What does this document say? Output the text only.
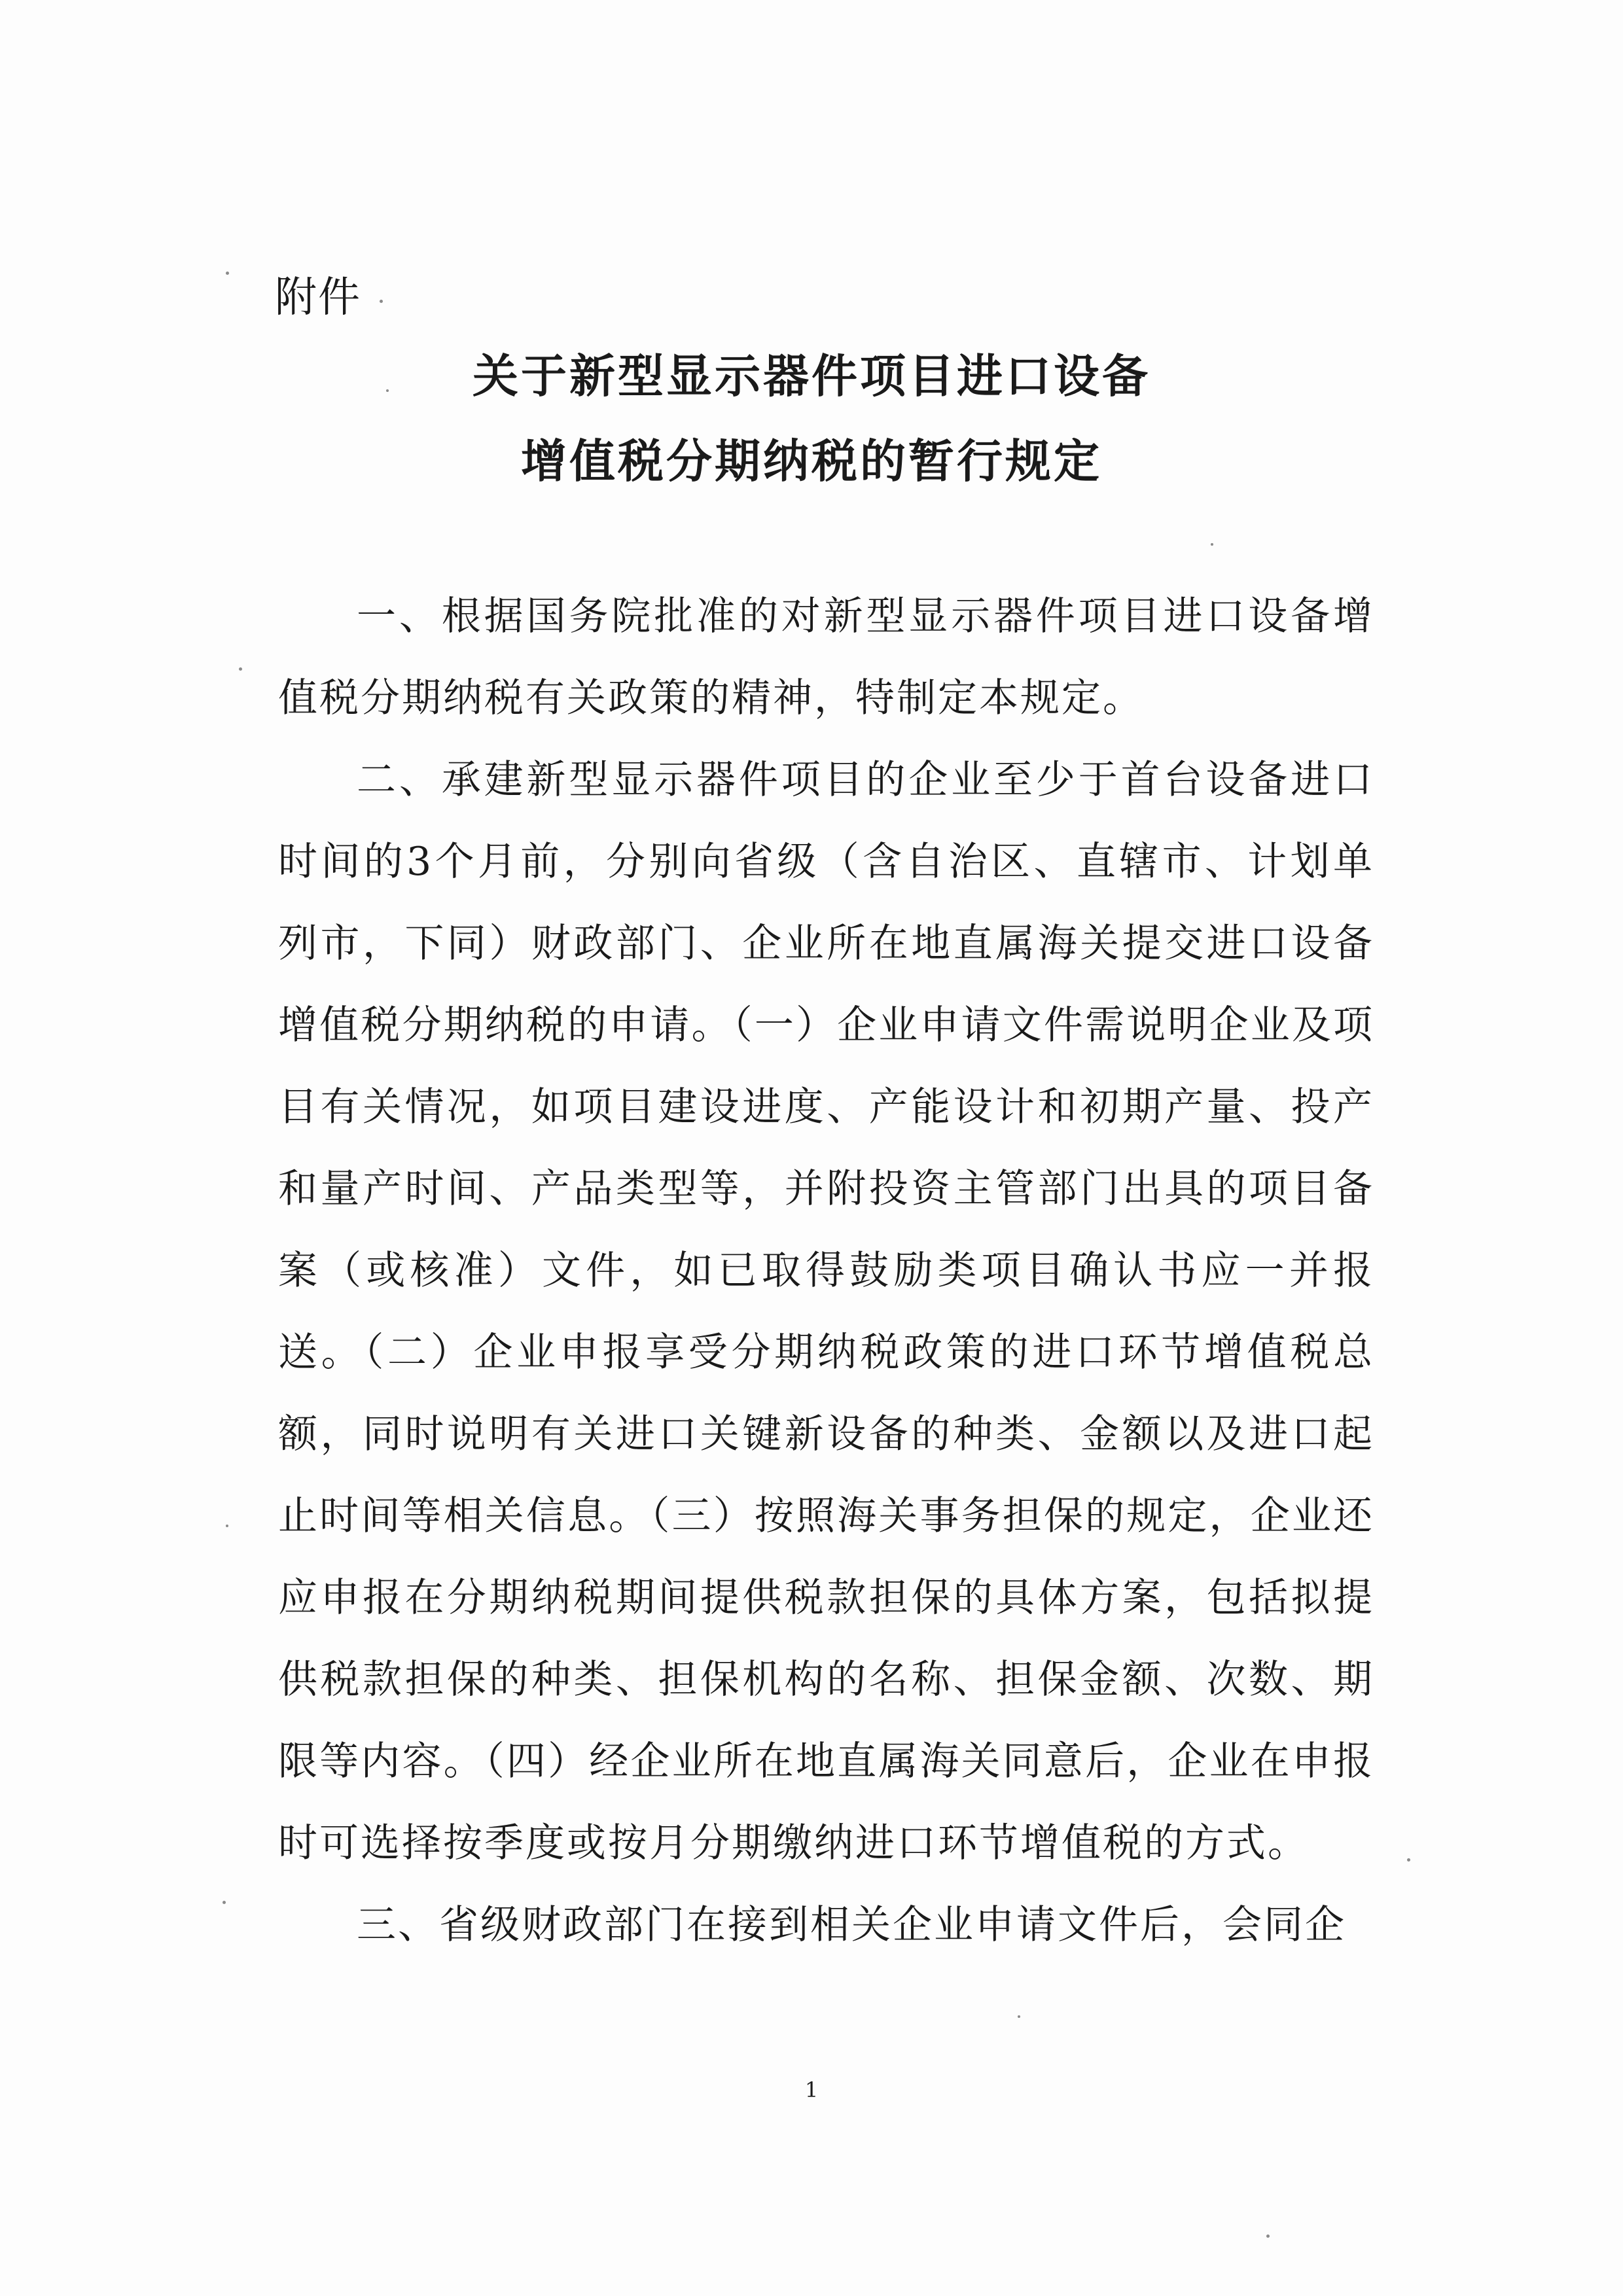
附件

关于新型显示器件项目进口设备
增值税分期纳税的暂行规定

一、根据国务院批准的对新型显示器件项目进口设备增值税分期纳税有关政策的精神，特制定本规定。

二、承建新型显示器件项目的企业至少于首台设备进口时间的3个月前，分别向省级（含自治区、直辖市、计划单列市，下同）财政部门、企业所在地直属海关提交进口设备增值税分期纳税的申请。（一）企业申请文件需说明企业及项目有关情况，如项目建设进度、产能设计和初期产量、投产和量产时间、产品类型等，并附投资主管部门出具的项目备案（或核准）文件，如已取得鼓励类项目确认书应一并报送。（二）企业申报享受分期纳税政策的进口环节增值税总额，同时说明有关进口关键新设备的种类、金额以及进口起止时间等相关信息。（三）按照海关事务担保的规定，企业还应申报在分期纳税期间提供税款担保的具体方案，包括拟提供税款担保的种类、担保机构的名称、担保金额、次数、期限等内容。（四）经企业所在地直属海关同意后，企业在申报时可选择按季度或按月分期缴纳进口环节增值税的方式。

三、省级财政部门在接到相关企业申请文件后，会同企

1
